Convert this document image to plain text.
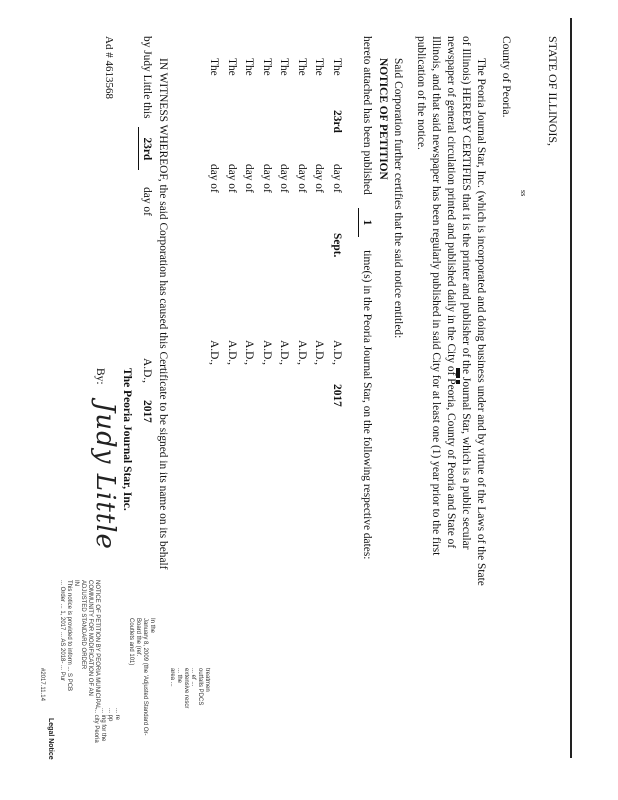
STATE OF ILLINOIS,
ss
County of Peoria.
The Peoria Journal Star, Inc. (which is incorporated and doing business under and by virtue of the Laws of the State
of Illinois) HEREBY CERTIFIES that it is the printer and publisher of the Journal Star, which is a public secular
newspaper of general circulation printed and published daily in the City of Peoria, County of Peoria and State of
Illinois, and that said newspaper has been regularly published in said City for at least one (1) year prior to the first
publication of the notice.
Said Corporation further certifies that the said notice entitled:
NOTICE OF PETITION
hereto attached has been published 1 time(s) in the Peoria Journal Star, on the following respective dates:
The
23rd
day of
Sept.
A.D.,
2017
The
day of
A.D.,
The
day of
A.D.,
The
day of
A.D.,
The
day of
A.D.,
The
day of
A.D.,
The
day of
A.D.,
The
day of
A.D.,
IN WITNESS WHEREOF, the said Corporation has caused this Certificate to be signed in its name on its behalf
by Judy Little this 23rd day of
A.D.,
2017
The Peoria Journal Star, Inc.
By:
Judy Little
Ad # 4613568
Legal Notice
NOTICE OF PETITION BY PEORIA MUNICIPAL
COMMUNITY FOR MODIFICATION OF AN
ADJUSTED STANDARD ORDER
IN
This notice is provided to inform ... S PCB
... Order ... 1, 2017 ... AS 2018- ... Pur	In the
January 8, 2009 (the 'Adjusted Standard Or-
Board the (ref.
Coutlets and 101)
treatmen
outfalls PDCS
... ef ...
extensive rescr
... the
area ...
... re
... pp
... ing for the
... city Peoria
#2017.11.14
